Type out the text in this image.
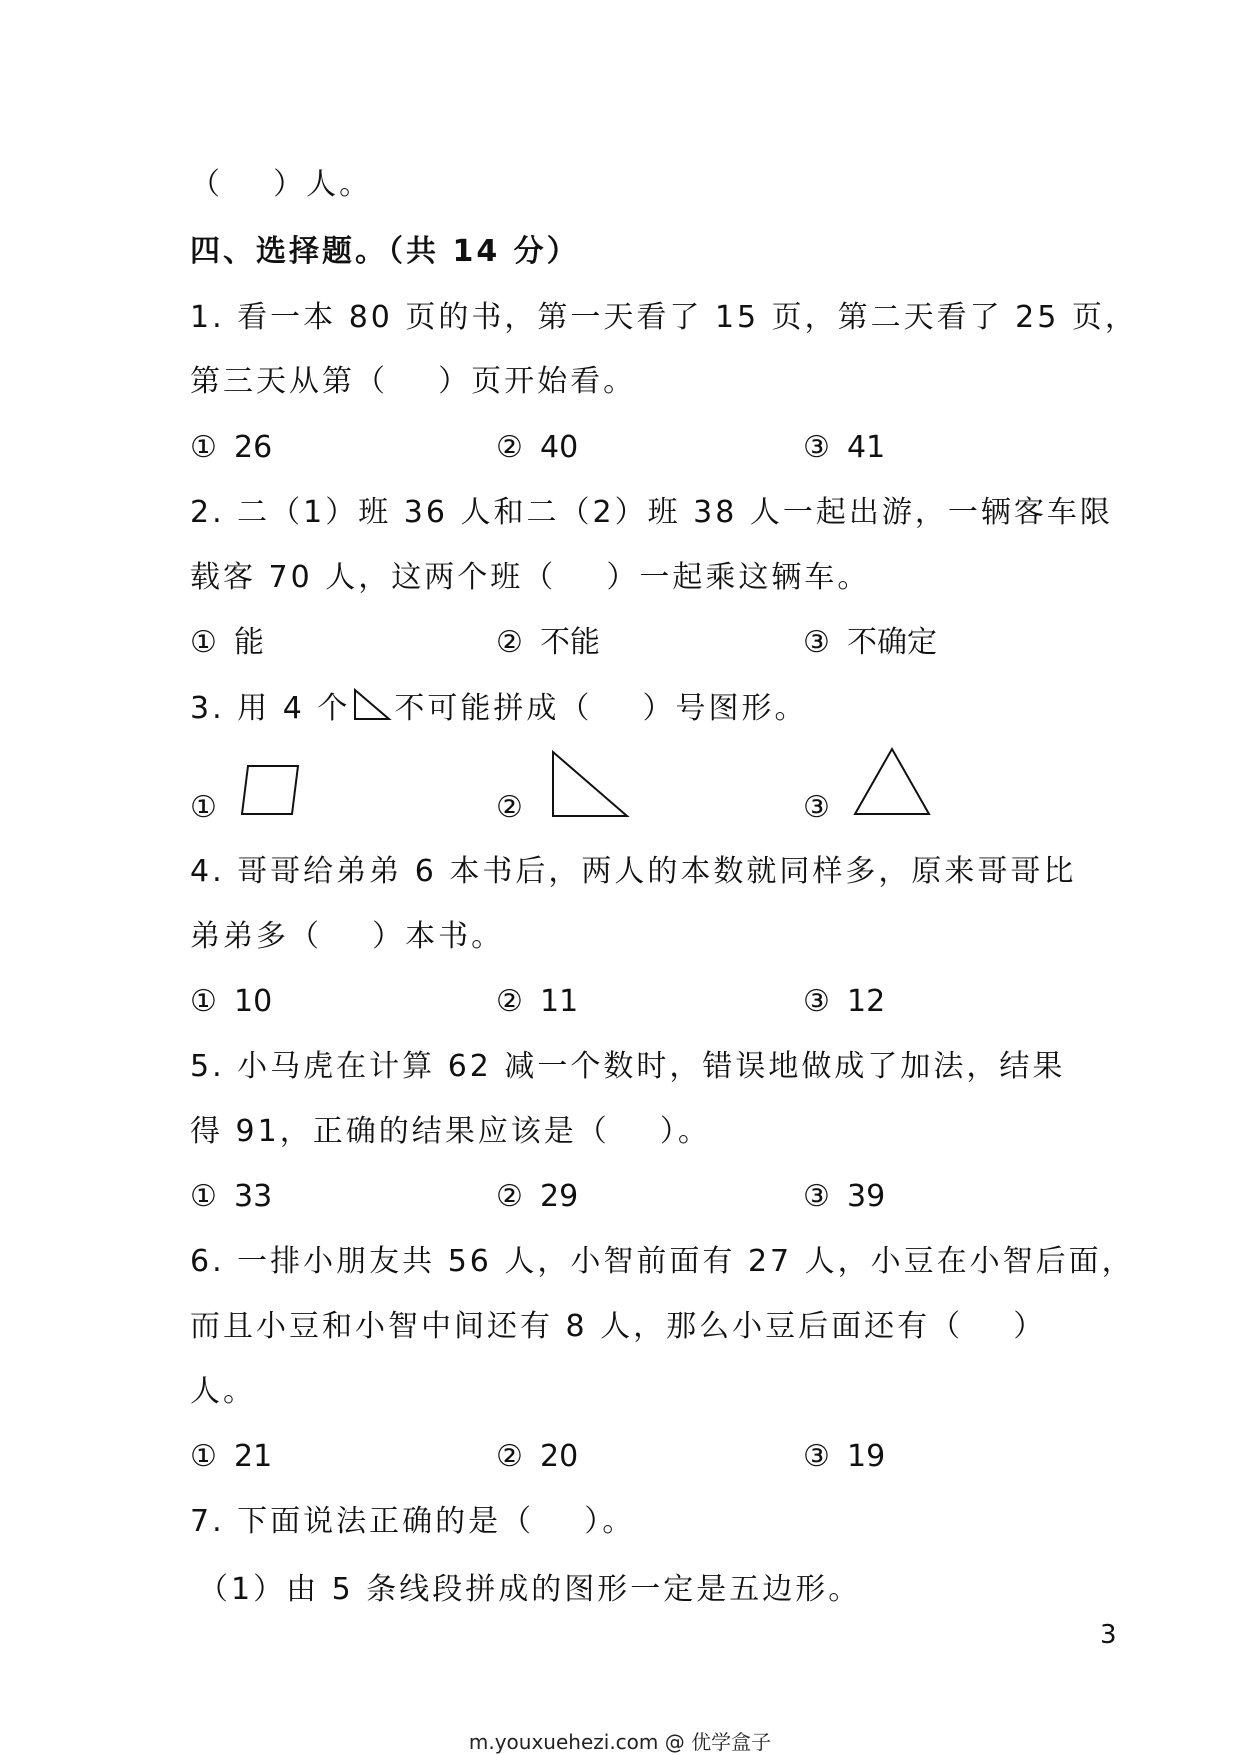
（    ）人。
四、选择题。（共 14 分）
1. 看一本 80 页的书，第一天看了 15 页，第二天看了 25 页，
第三天从第（    ）页开始看。
① 26	② 40	③ 41
2. 二（1）班 36 人和二（2）班 38 人一起出游，一辆客车限
载客 70 人，这两个班（    ）一起乘这辆车。
① 能	② 不能	③ 不确定
3. 用 4 个 不可能拼成（    ）号图形。
①	②	③
4. 哥哥给弟弟 6 本书后，两人的本数就同样多，原来哥哥比
弟弟多（    ）本书。
① 10	② 11	③ 12
5. 小马虎在计算 62 减一个数时，错误地做成了加法，结果
得 91，正确的结果应该是（    ）。
① 33	② 29	③ 39
6. 一排小朋友共 56 人，小智前面有 27 人，小豆在小智后面，
而且小豆和小智中间还有 8 人，那么小豆后面还有（    ）
人。
① 21	② 20	③ 19
7. 下面说法正确的是（    ）。
（1）由 5 条线段拼成的图形一定是五边形。
3
m.youxuehezi.com @ 优学盒子
